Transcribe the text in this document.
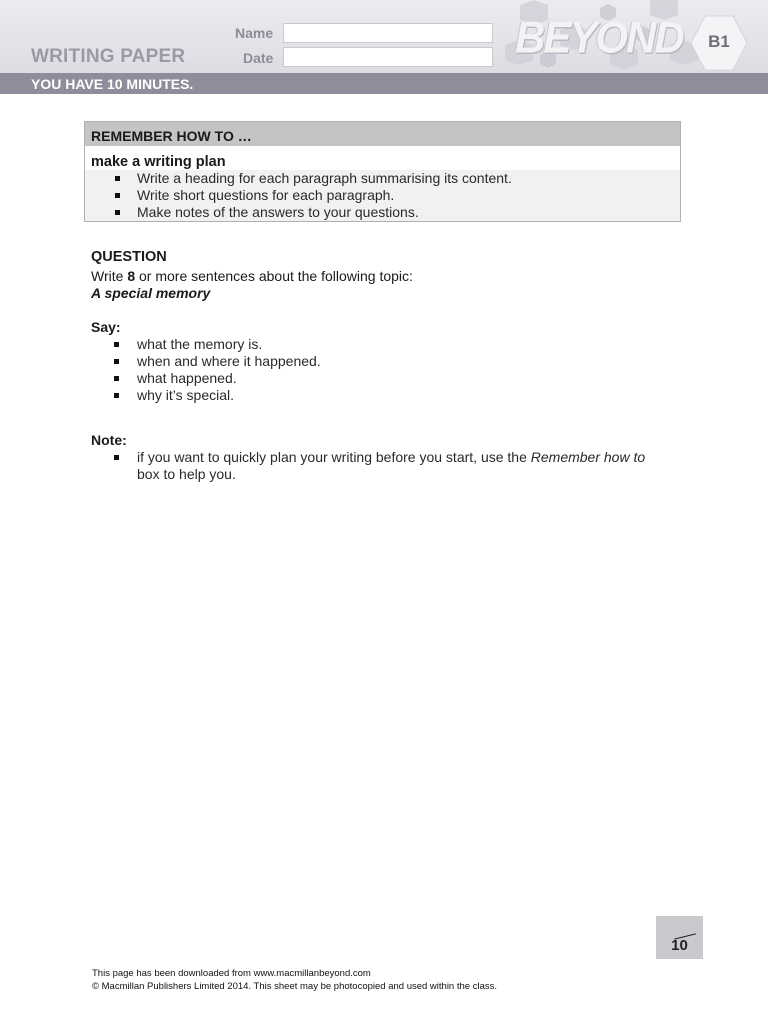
WRITING PAPER
Name
Date	BEYOND	B1
YOU HAVE 10 MINUTES.
REMEMBER HOW TO …
make a writing plan
Write a heading for each paragraph summarising its content.
Write short questions for each paragraph.
Make notes of the answers to your questions.
QUESTION
Write 8 or more sentences about the following topic:
A special memory
Say:
what the memory is.
when and where it happened.
what happened.
why it’s special.
Note:
if you want to quickly plan your writing before you start, use the Remember how to box to help you.
10
This page has been downloaded from www.macmillanbeyond.com
© Macmillan Publishers Limited 2014. This sheet may be photocopied and used within the class.
